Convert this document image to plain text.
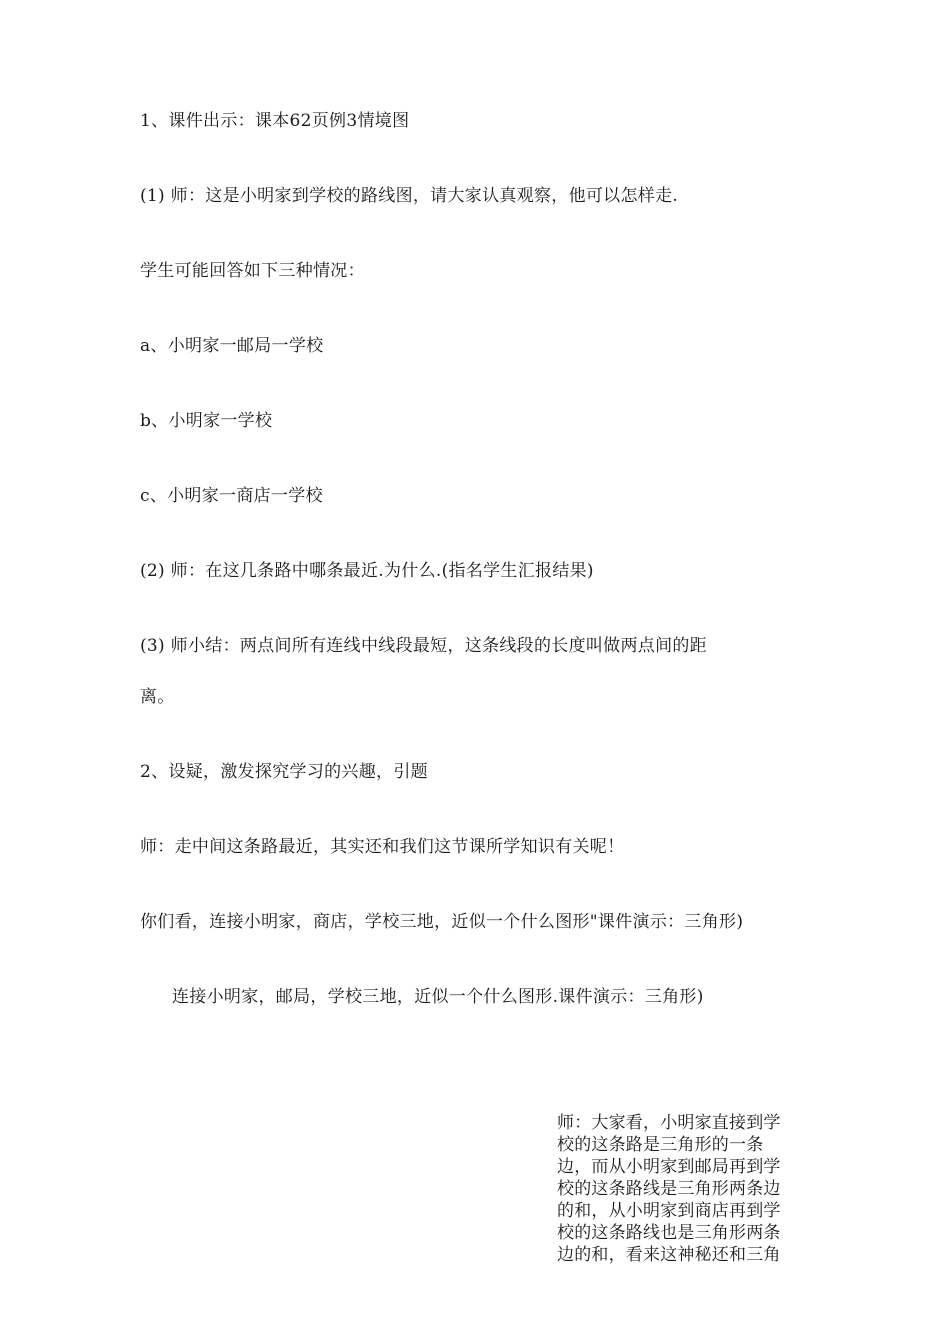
1、课件出示：课本62页例3情境图
(1) 师：这是小明家到学校的路线图，请大家认真观察，他可以怎样走.
学生可能回答如下三种情况：
a、小明家一邮局一学校
b、小明家一学校
c、小明家一商店一学校
(2) 师：在这几条路中哪条最近.为什么.(指名学生汇报结果)
(3) 师小结：两点间所有连线中线段最短，这条线段的长度叫做两点间的距
离。
2、设疑，激发探究学习的兴趣，引题
师：走中间这条路最近，其实还和我们这节课所学知识有关呢！
你们看，连接小明家，商店，学校三地，近似一个什么图形"课件演示：三角形)
连接小明家，邮局，学校三地，近似一个什么图形.课件演示：三角形)
师：大家看，小明家直接到学
校的这条路是三角形的一条
边，而从小明家到邮局再到学
校的这条路线是三角形两条边
的和，从小明家到商店再到学
校的这条路线也是三角形两条
边的和，看来这神秘还和三角
